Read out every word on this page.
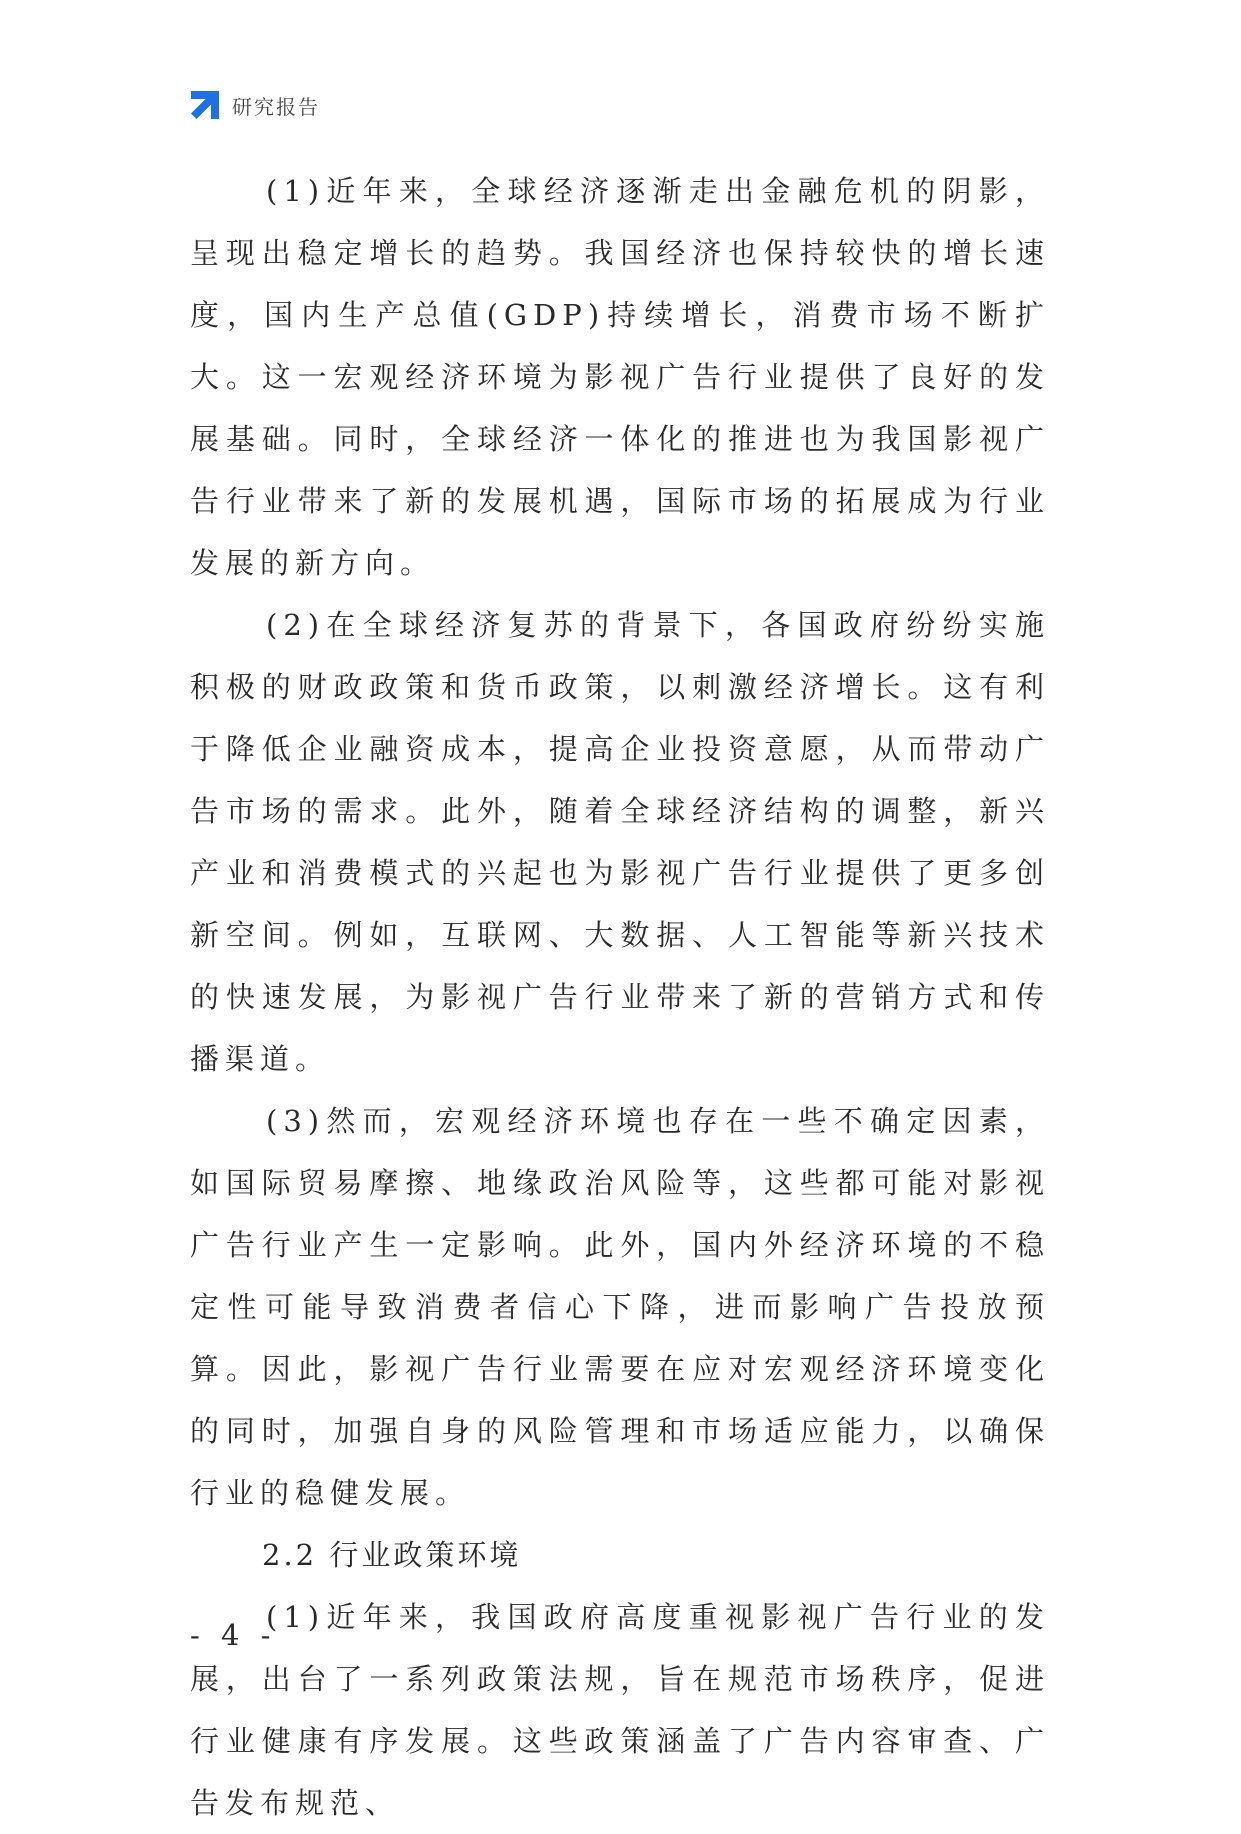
研究报告

(1)近年来，全球经济逐渐走出金融危机的阴影，呈现出稳定增长的趋势。我国经济也保持较快的增长速度，国内生产总值(GDP)持续增长，消费市场不断扩大。这一宏观经济环境为影视广告行业提供了良好的发展基础。同时，全球经济一体化的推进也为我国影视广告行业带来了新的发展机遇，国际市场的拓展成为行业发展的新方向。

(2)在全球经济复苏的背景下，各国政府纷纷实施积极的财政政策和货币政策，以刺激经济增长。这有利于降低企业融资成本，提高企业投资意愿，从而带动广告市场的需求。此外，随着全球经济结构的调整，新兴产业和消费模式的兴起也为影视广告行业提供了更多创新空间。例如，互联网、大数据、人工智能等新兴技术的快速发展，为影视广告行业带来了新的营销方式和传播渠道。

(3)然而，宏观经济环境也存在一些不确定因素，如国际贸易摩擦、地缘政治风险等，这些都可能对影视广告行业产生一定影响。此外，国内外经济环境的不稳定性可能导致消费者信心下降，进而影响广告投放预算。因此，影视广告行业需要在应对宏观经济环境变化的同时，加强自身的风险管理和市场适应能力，以确保行业的稳健发展。

2.2 行业政策环境

(1)近年来，我国政府高度重视影视广告行业的发展，出台了一系列政策法规，旨在规范市场秩序，促进行业健康有序发展。这些政策涵盖了广告内容审查、广告发布规范、

- 4 -
